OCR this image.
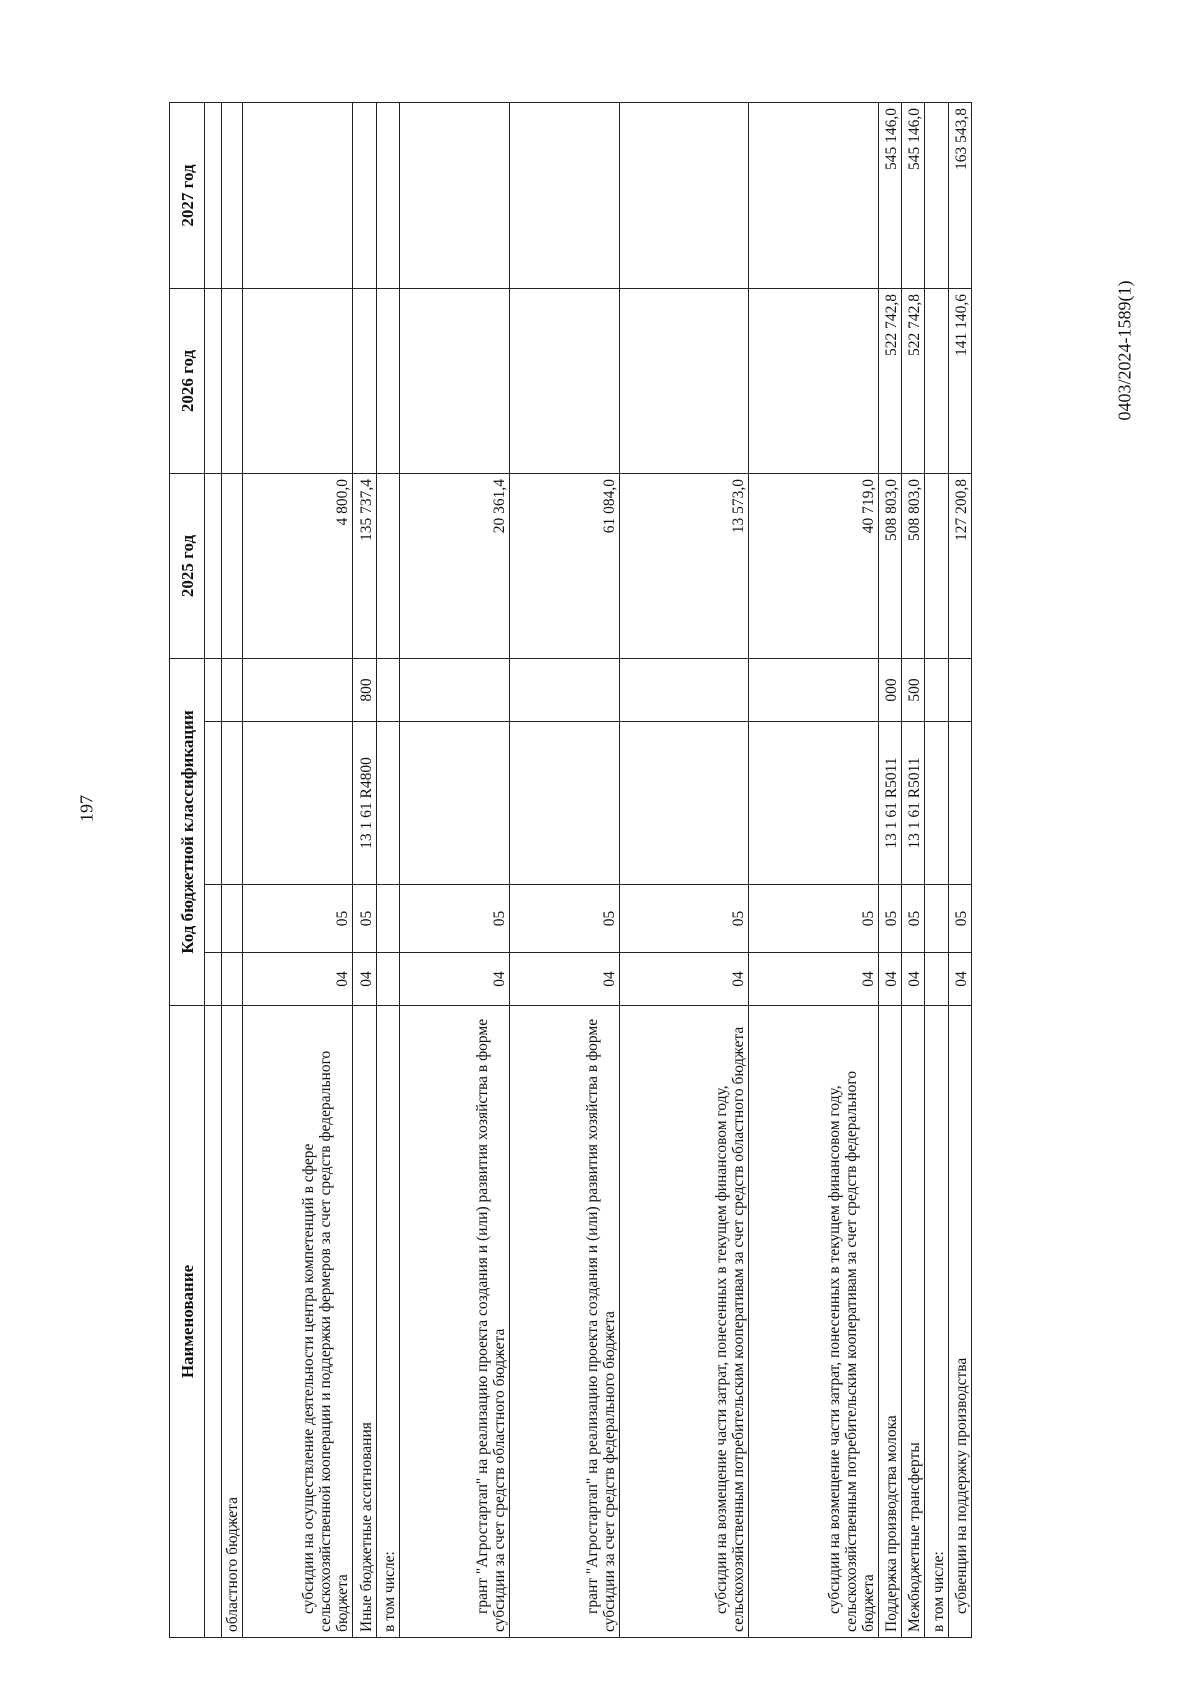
197
0403/2024-1589(1)
Наименование	Код бюджетной классификации				2025 год	2026 год	2027 год

областного бюджета							
субсидии на осуществление деятельности центра компетенций в сфере сельскохозяйственной кооперации и поддержки фермеров за счет средств федерального бюджета	04	05			4 800,0		
Иные бюджетные ассигнования	04	05	13 1 61 R4800	800	135 737,4		
в том числе:							
грант "Агростартап" на реализацию проекта создания и (или) развития хозяйства в форме субсидии за счет средств областного бюджета	04	05			20 361,4		
грант "Агростартап" на реализацию проекта создания и (или) развития хозяйства в форме субсидии за счет средств федерального бюджета	04	05			61 084,0		
субсидии на возмещение части затрат, понесенных в текущем финансовом году, сельскохозяйственным потребительским кооперативам за счет средств областного бюджета	04	05			13 573,0		
субсидии на возмещение части затрат, понесенных в текущем финансовом году, сельскохозяйственным потребительским кооперативам за счет средств федерального бюджета	04	05			40 719,0		
Поддержка производства молока	04	05	13 1 61 R5011	000	508 803,0	522 742,8	545 146,0
Межбюджетные трансферты	04	05	13 1 61 R5011	500	508 803,0	522 742,8	545 146,0
в том числе:							
субвенции на поддержку производства	04	05			127 200,8	141 140,6	163 543,8
